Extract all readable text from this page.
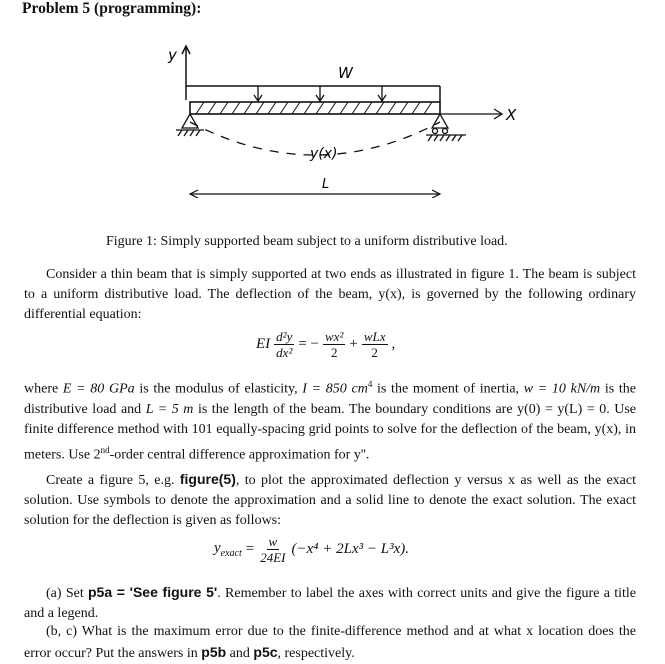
Problem 5 (programming):
y
W
X
y(x)
L
Figure 1: Simply supported beam subject to a uniform distributive load.
Consider a thin beam that is simply supported at two ends as illustrated in figure 1. The beam is subject to a uniform distributive load. The deflection of the beam, y(x), is governed by the following ordinary differential equation:
EI $\frac{\text{d²y}}{\text{dx²}}$ = − $\frac{\text{wx²}}{2} + \frac{\text{wLx}}{2}$ ,
where E = 80 GPa is the modulus of elasticity, I = 850 $cm^4$ is the moment of inertia, w = 10 kN/m is the distributive load and L = 5 m is the length of the beam. The boundary conditions are y(0) = y(L) = 0. Use finite difference method with 101 equally-spacing grid points to solve for the deflection of the beam, y(x), in meters. Use 2nd-order central difference approximation for y''.
Create a figure 5, e.g. figure(5), to plot the approximated deflection y versus x as well as the exact solution. Use symbols to denote the approximation and a solid line to denote the exact solution. The exact solution for the deflection is given as follows:
$y_{exact} = \frac{w}{24EI} (-x^4 + 2Lx^3 - L^3x)$.
(a) Set p5a = 'See figure 5'. Remember to label the axes with correct units and give the figure a title and a legend.
(b, c) What is the maximum error due to the finite-difference method and at what x location does the error occur? Put the answers in p5b and p5c, respectively.
